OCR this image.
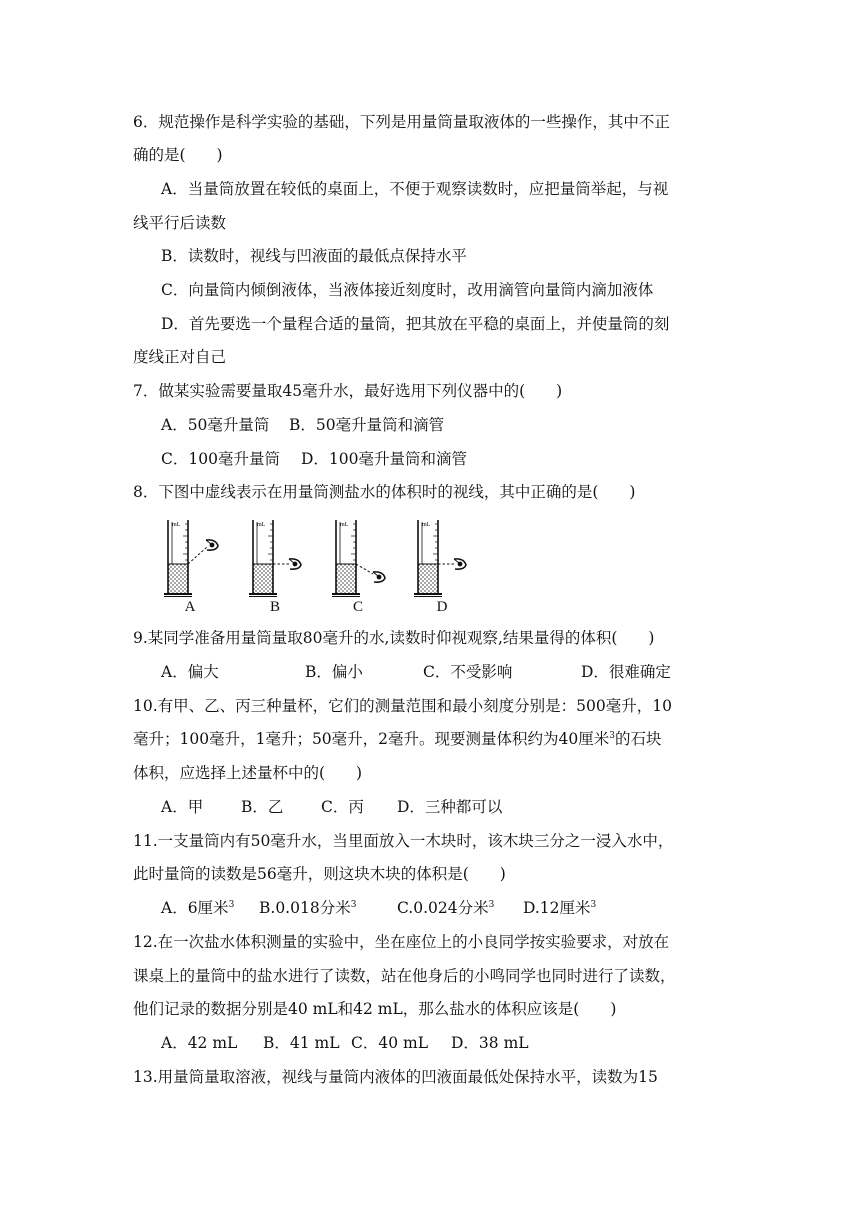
6．规范操作是科学实验的基础，下列是用量筒量取液体的一些操作，其中不正
确的是(　　)
A．当量筒放置在较低的桌面上，不便于观察读数时，应把量筒举起，与视
线平行后读数
B．读数时，视线与凹液面的最低点保持水平
C．向量筒内倾倒液体，当液体接近刻度时，改用滴管向量筒内滴加液体
D．首先要选一个量程合适的量筒，把其放在平稳的桌面上，并使量筒的刻
度线正对自己
7．做某实验需要量取45毫升水，最好选用下列仪器中的(　　)
A．50毫升量筒 B．50毫升量筒和滴管
C．100毫升量筒 D．100毫升量筒和滴管
8．下图中虚线表示在用量筒测盐水的体积时的视线，其中正确的是(　　)
mL	mL	mL	mL
A	B	C	D
9.某同学准备用量筒量取80毫升的水,读数时仰视观察,结果量得的体积(　　)
A．偏大	B．偏小	C．不受影响	D．很难确定
10.有甲、乙、丙三种量杯，它们的测量范围和最小刻度分别是：500毫升，10
毫升；100毫升，1毫升；50毫升，2毫升。现要测量体积约为40厘米$^3$的石块
体积，应选择上述量杯中的(　　)
A．甲 B．乙 C．丙 D．三种都可以
11.一支量筒内有50毫升水，当里面放入一木块时，该木块三分之一浸入水中，
此时量筒的读数是56毫升，则这块木块的体积是(　　)
A．6厘米$^3$ B.0.018分米$^3$	C.0.024分米$^3$ D.12厘米$^3$
12.在一次盐水体积测量的实验中，坐在座位上的小良同学按实验要求，对放在
课桌上的量筒中的盐水进行了读数，站在他身后的小鸣同学也同时进行了读数，
他们记录的数据分别是40 mL和42 mL，那么盐水的体积应该是(　　)
A．42 mL B．41 mL C．40 mL D．38 mL
13.用量筒量取溶液，视线与量筒内液体的凹液面最低处保持水平，读数为15
